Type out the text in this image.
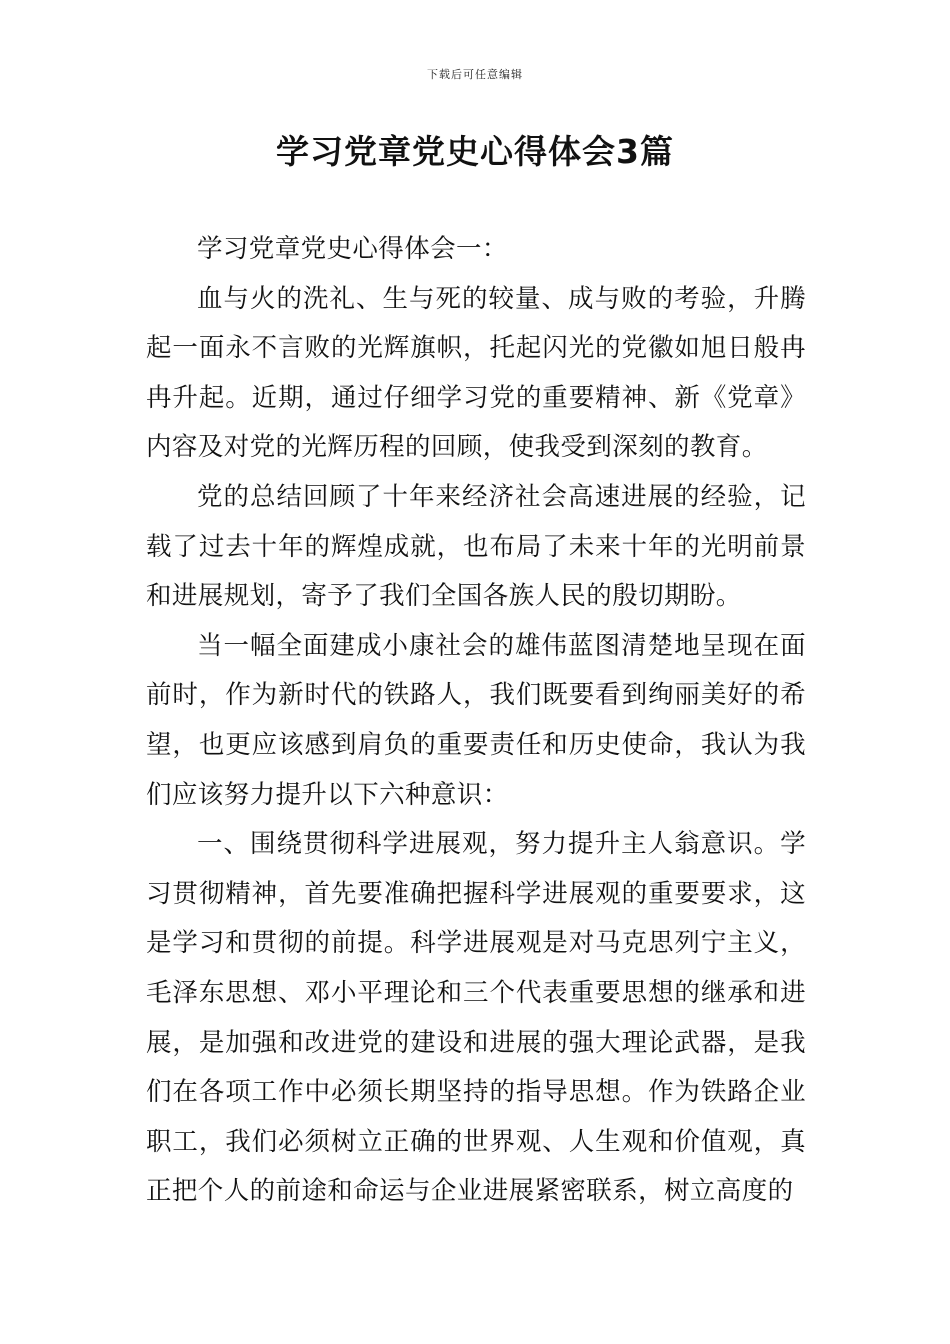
下载后可任意编辑
学习党章党史心得体会3篇

学习党章党史心得体会一：

血与火的洗礼、生与死的较量、成与败的考验，升腾起一面永不言败的光辉旗帜，托起闪光的党徽如旭日般冉冉升起。近期，通过仔细学习党的重要精神、新《党章》内容及对党的光辉历程的回顾，使我受到深刻的教育。

党的总结回顾了十年来经济社会高速进展的经验，记载了过去十年的辉煌成就，也布局了未来十年的光明前景和进展规划，寄予了我们全国各族人民的殷切期盼。

当一幅全面建成小康社会的雄伟蓝图清楚地呈现在面前时，作为新时代的铁路人，我们既要看到绚丽美好的希望，也更应该感到肩负的重要责任和历史使命，我认为我们应该努力提升以下六种意识：

一、围绕贯彻科学进展观，努力提升主人翁意识。学习贯彻精神，首先要准确把握科学进展观的重要要求，这是学习和贯彻的前提。科学进展观是对马克思列宁主义，毛泽东思想、邓小平理论和三个代表重要思想的继承和进展，是加强和改进党的建设和进展的强大理论武器，是我们在各项工作中必须长期坚持的指导思想。作为铁路企业职工，我们必须树立正确的世界观、人生观和价值观，真正把个人的前途和命运与企业进展紧密联系，树立高度的
